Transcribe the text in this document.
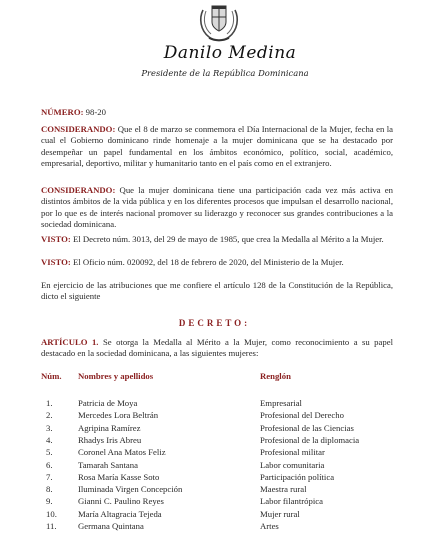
Danilo Medina
Presidente de la República Dominicana
NÚMERO: 98-20
CONSIDERANDO: Que el 8 de marzo se conmemora el Día Internacional de la Mujer, fecha en la cual el Gobierno dominicano rinde homenaje a la mujer dominicana que se ha destacado por desempeñar un papel fundamental en los ámbitos económico, político, social, académico, empresarial, deportivo, militar y humanitario tanto en el país como en el extranjero.
CONSIDERANDO: Que la mujer dominicana tiene una participación cada vez más activa en distintos ámbitos de la vida pública y en los diferentes procesos que impulsan el desarrollo nacional, por lo que es de interés nacional promover su liderazgo y reconocer sus grandes contribuciones a la sociedad dominicana.
VISTO: El Decreto núm. 3013, del 29 de mayo de 1985, que crea la Medalla al Mérito a la Mujer.
VISTO: El Oficio núm. 020092, del 18 de febrero de 2020, del Ministerio de la Mujer.
En ejercicio de las atribuciones que me confiere el artículo 128 de la Constitución de la República, dicto el siguiente
DECRETO:
ARTÍCULO 1. Se otorga la Medalla al Mérito a la Mujer, como reconocimiento a su papel destacado en la sociedad dominicana, a las siguientes mujeres:
Núm. Nombres y apellidos	Renglón
1.	Patricia de Moya	Empresarial
2.	Mercedes Lora Beltrán	Profesional del Derecho
3.	Agripina Ramírez	Profesional de las Ciencias
4.	Rhadys Iris Abreu	Profesional de la diplomacia
5.	Coronel Ana Matos Feliz	Profesional militar
6.	Tamarah Santana	Labor comunitaria
7.	Rosa María Kasse Soto	Participación política
8.	Iluminada Virgen Concepción	Maestra rural
9.	Gianni C. Paulino Reyes	Labor filantrópica
10. María Altagracia Tejeda	Mujer rural
11. Germana Quintana	Artes
